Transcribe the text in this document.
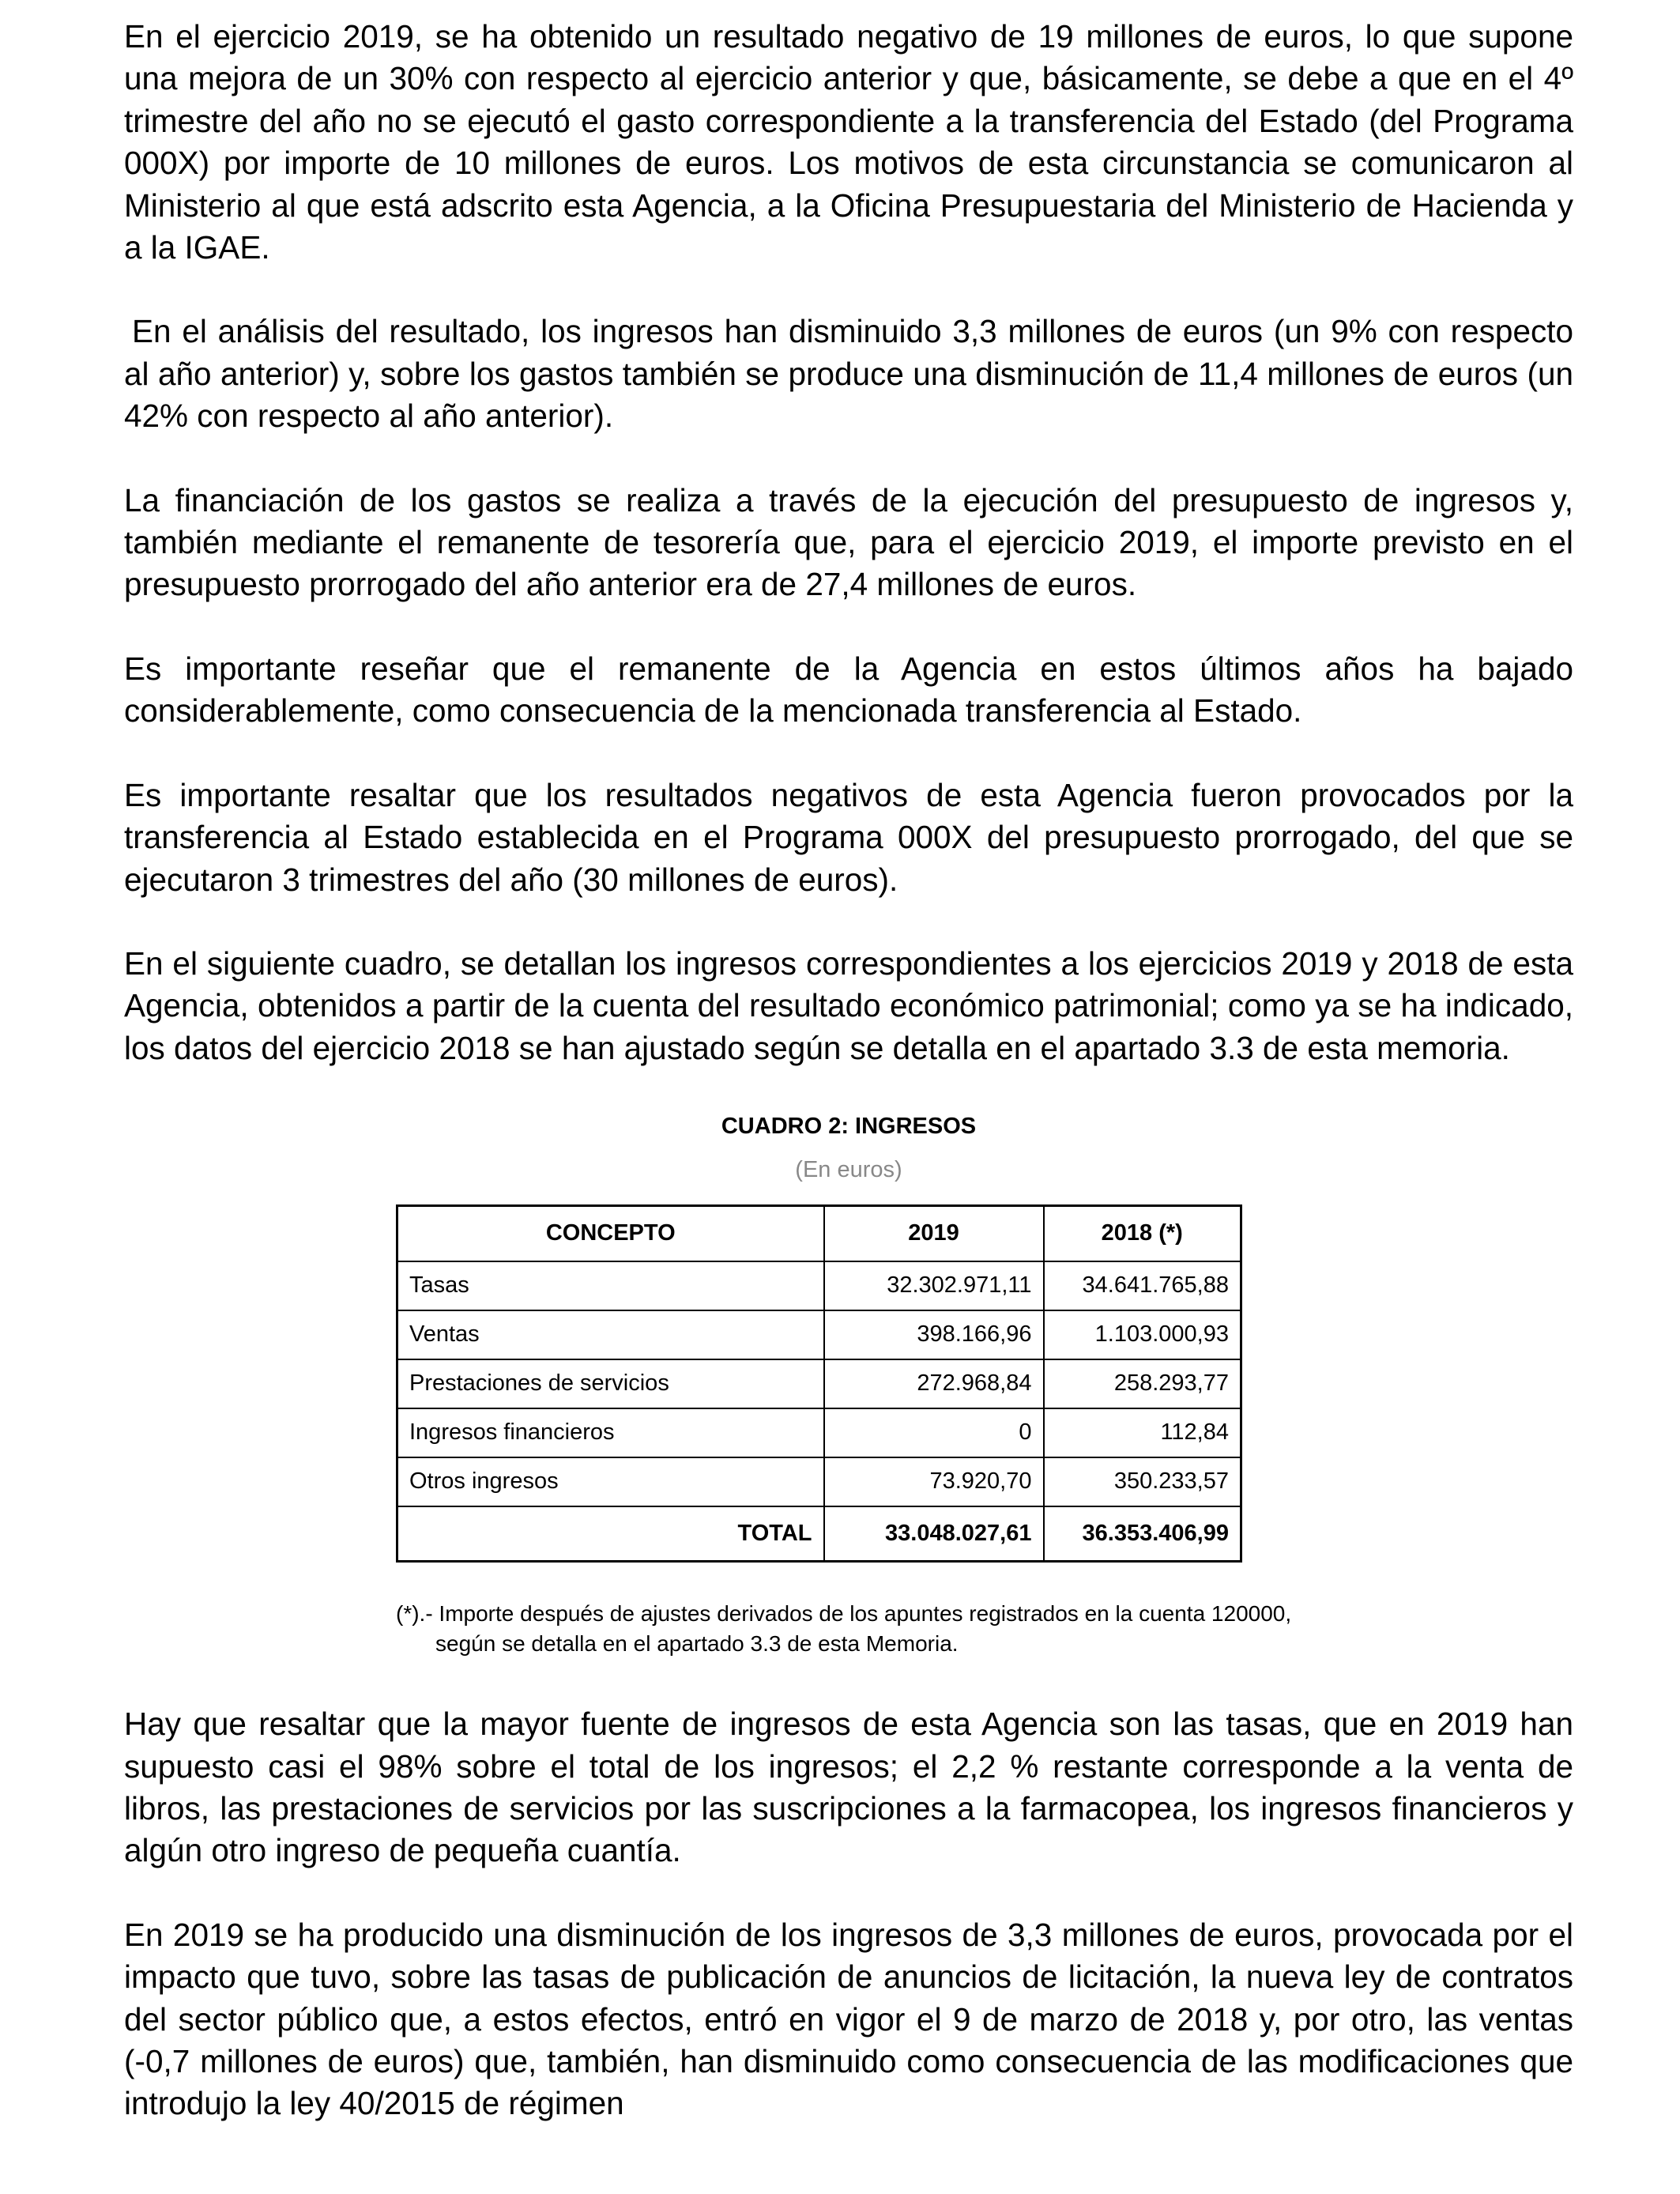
En el ejercicio 2019, se ha obtenido un resultado negativo de 19 millones de euros, lo que supone una mejora de un 30% con respecto al ejercicio anterior y que, básicamente, se debe a que en el 4º trimestre del año no se ejecutó el gasto correspondiente a la transferencia del Estado (del Programa 000X) por importe de 10 millones de euros. Los motivos de esta circunstancia se comunicaron al Ministerio al que está adscrito esta Agencia, a la Oficina Presupuestaria del Ministerio de Hacienda y a la IGAE.

En el análisis del resultado, los ingresos han disminuido 3,3 millones de euros (un 9% con respecto al año anterior) y, sobre los gastos también se produce una disminución de 11,4 millones de euros (un 42% con respecto al año anterior).

La financiación de los gastos se realiza a través de la ejecución del presupuesto de ingresos y, también mediante el remanente de tesorería que, para el ejercicio 2019, el importe previsto en el presupuesto prorrogado del año anterior era de 27,4 millones de euros.

Es importante reseñar que el remanente de la Agencia en estos últimos años ha bajado considerablemente, como consecuencia de la mencionada transferencia al Estado.

Es importante resaltar que los resultados negativos de esta Agencia fueron provocados por la transferencia al Estado establecida en el Programa 000X del presupuesto prorrogado, del que se ejecutaron 3 trimestres del año (30 millones de euros).

En el siguiente cuadro, se detallan los ingresos correspondientes a los ejercicios 2019 y 2018 de esta Agencia, obtenidos a partir de la cuenta del resultado económico patrimonial; como ya se ha indicado, los datos del ejercicio 2018 se han ajustado según se detalla en el apartado 3.3 de esta memoria.

CUADRO 2: INGRESOS

(En euros)

CONCEPTO	2019	2018 (*)
Tasas	32.302.971,11	34.641.765,88
Ventas	398.166,96	1.103.000,93
Prestaciones de servicios	272.968,84	258.293,77
Ingresos financieros	0	112,84
Otros ingresos	73.920,70	350.233,57
TOTAL	33.048.027,61	36.353.406,99
(*).- Importe después de ajustes derivados de los apuntes registrados en la cuenta 120000,
según se detalla en el apartado 3.3 de esta Memoria.

Hay que resaltar que la mayor fuente de ingresos de esta Agencia son las tasas, que en 2019 han supuesto casi el 98% sobre el total de los ingresos; el 2,2 % restante corresponde a la venta de libros, las prestaciones de servicios por las suscripciones a la farmacopea, los ingresos financieros y algún otro ingreso de pequeña cuantía.

En 2019 se ha producido una disminución de los ingresos de 3,3 millones de euros, provocada por el impacto que tuvo, sobre las tasas de publicación de anuncios de licitación, la nueva ley de contratos del sector público que, a estos efectos, entró en vigor el 9 de marzo de 2018 y, por otro, las ventas (-0,7 millones de euros) que, también, han disminuido como consecuencia de las modificaciones que introdujo la ley 40/2015 de régimen
